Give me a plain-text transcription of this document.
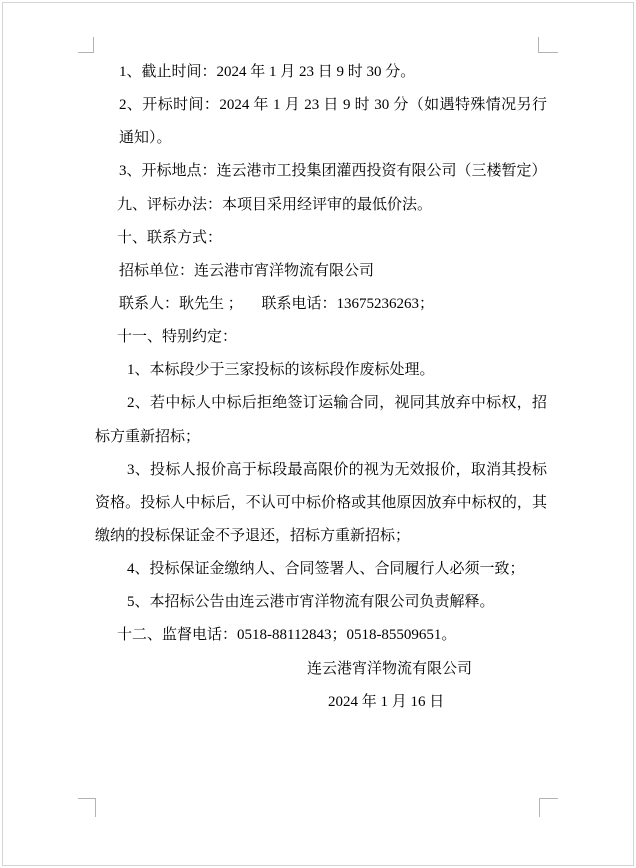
1、截止时间：2024 年 1 月 23 日 9 时 30 分。
2、开标时间：2024 年 1 月 23 日 9 时 30 分（如遇特殊情况另行
通知）。
3、开标地点：连云港市工投集团灌西投资有限公司（三楼暂定）
九、评标办法：本项目采用经评审的最低价法。
十、联系方式：
招标单位：连云港市宵洋物流有限公司
联系人：耿先生 ；     联系电话：13675236263；
十一、特别约定：
1、本标段少于三家投标的该标段作废标处理。
2、若中标人中标后拒绝签订运输合同，视同其放弃中标权，招
标方重新招标；
3、投标人报价高于标段最高限价的视为无效报价，取消其投标
资格。投标人中标后，不认可中标价格或其他原因放弃中标权的，其
缴纳的投标保证金不予退还，招标方重新招标；
4、投标保证金缴纳人、合同签署人、合同履行人必须一致；
5、本招标公告由连云港市宵洋物流有限公司负责解释。
十二、监督电话：0518-88112843；0518-85509651。
连云港宵洋物流有限公司
2024 年 1 月 16 日
